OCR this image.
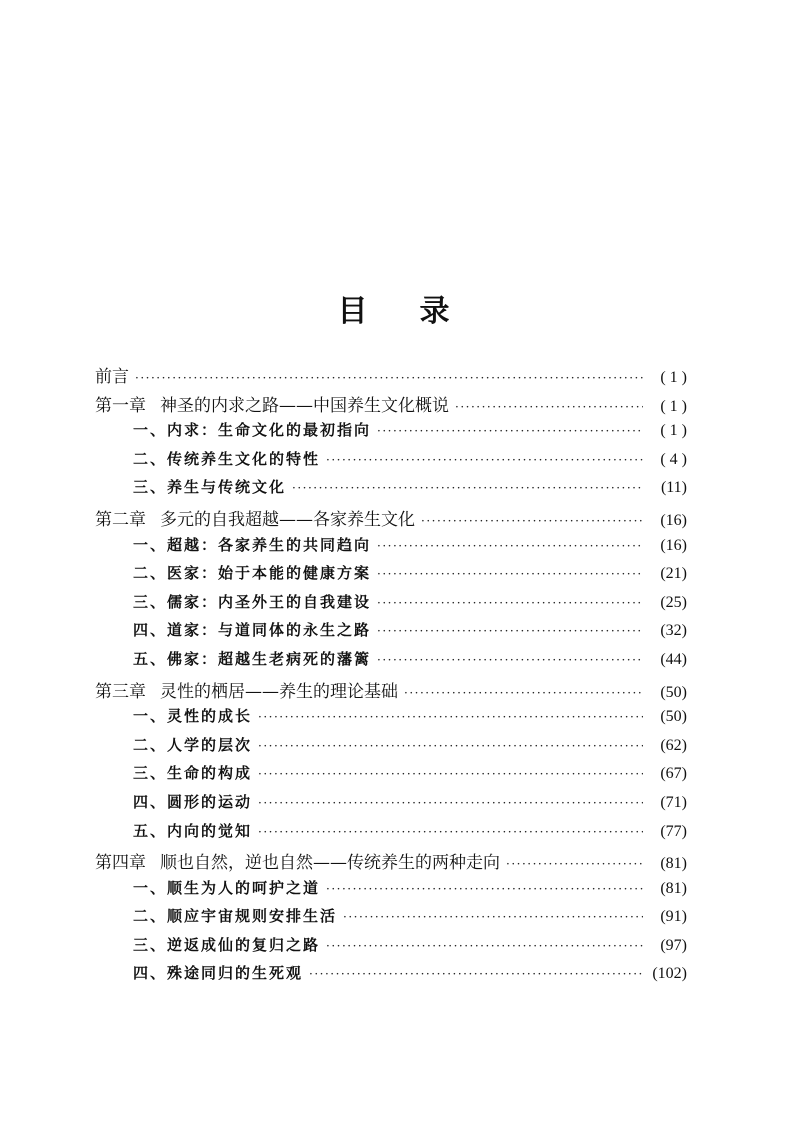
目录
前言 ·····	( 1 )
第一章 神圣的内求之路——中国养生文化概说 ·····	( 1 )
一、内求：生命文化的最初指向 ·····	( 1 )
二、传统养生文化的特性 ·····	( 4 )
三、养生与传统文化 ·····	(11)
第二章 多元的自我超越——各家养生文化 ·····	(16)
一、超越：各家养生的共同趋向 ·····	(16)
二、医家：始于本能的健康方案 ·····	(21)
三、儒家：内圣外王的自我建设 ·····	(25)
四、道家：与道同体的永生之路 ·····	(32)
五、佛家：超越生老病死的藩篱 ·····	(44)
第三章 灵性的栖居——养生的理论基础 ·····	(50)
一、灵性的成长 ·····	(50)
二、人学的层次 ·····	(62)
三、生命的构成 ·····	(67)
四、圆形的运动 ·····	(71)
五、内向的觉知 ·····	(77)
第四章 顺也自然，逆也自然——传统养生的两种走向 ·····	(81)
一、顺生为人的呵护之道 ·····	(81)
二、顺应宇宙规则安排生活 ·····	(91)
三、逆返成仙的复归之路 ·····	(97)
四、殊途同归的生死观 ·····	(102)
